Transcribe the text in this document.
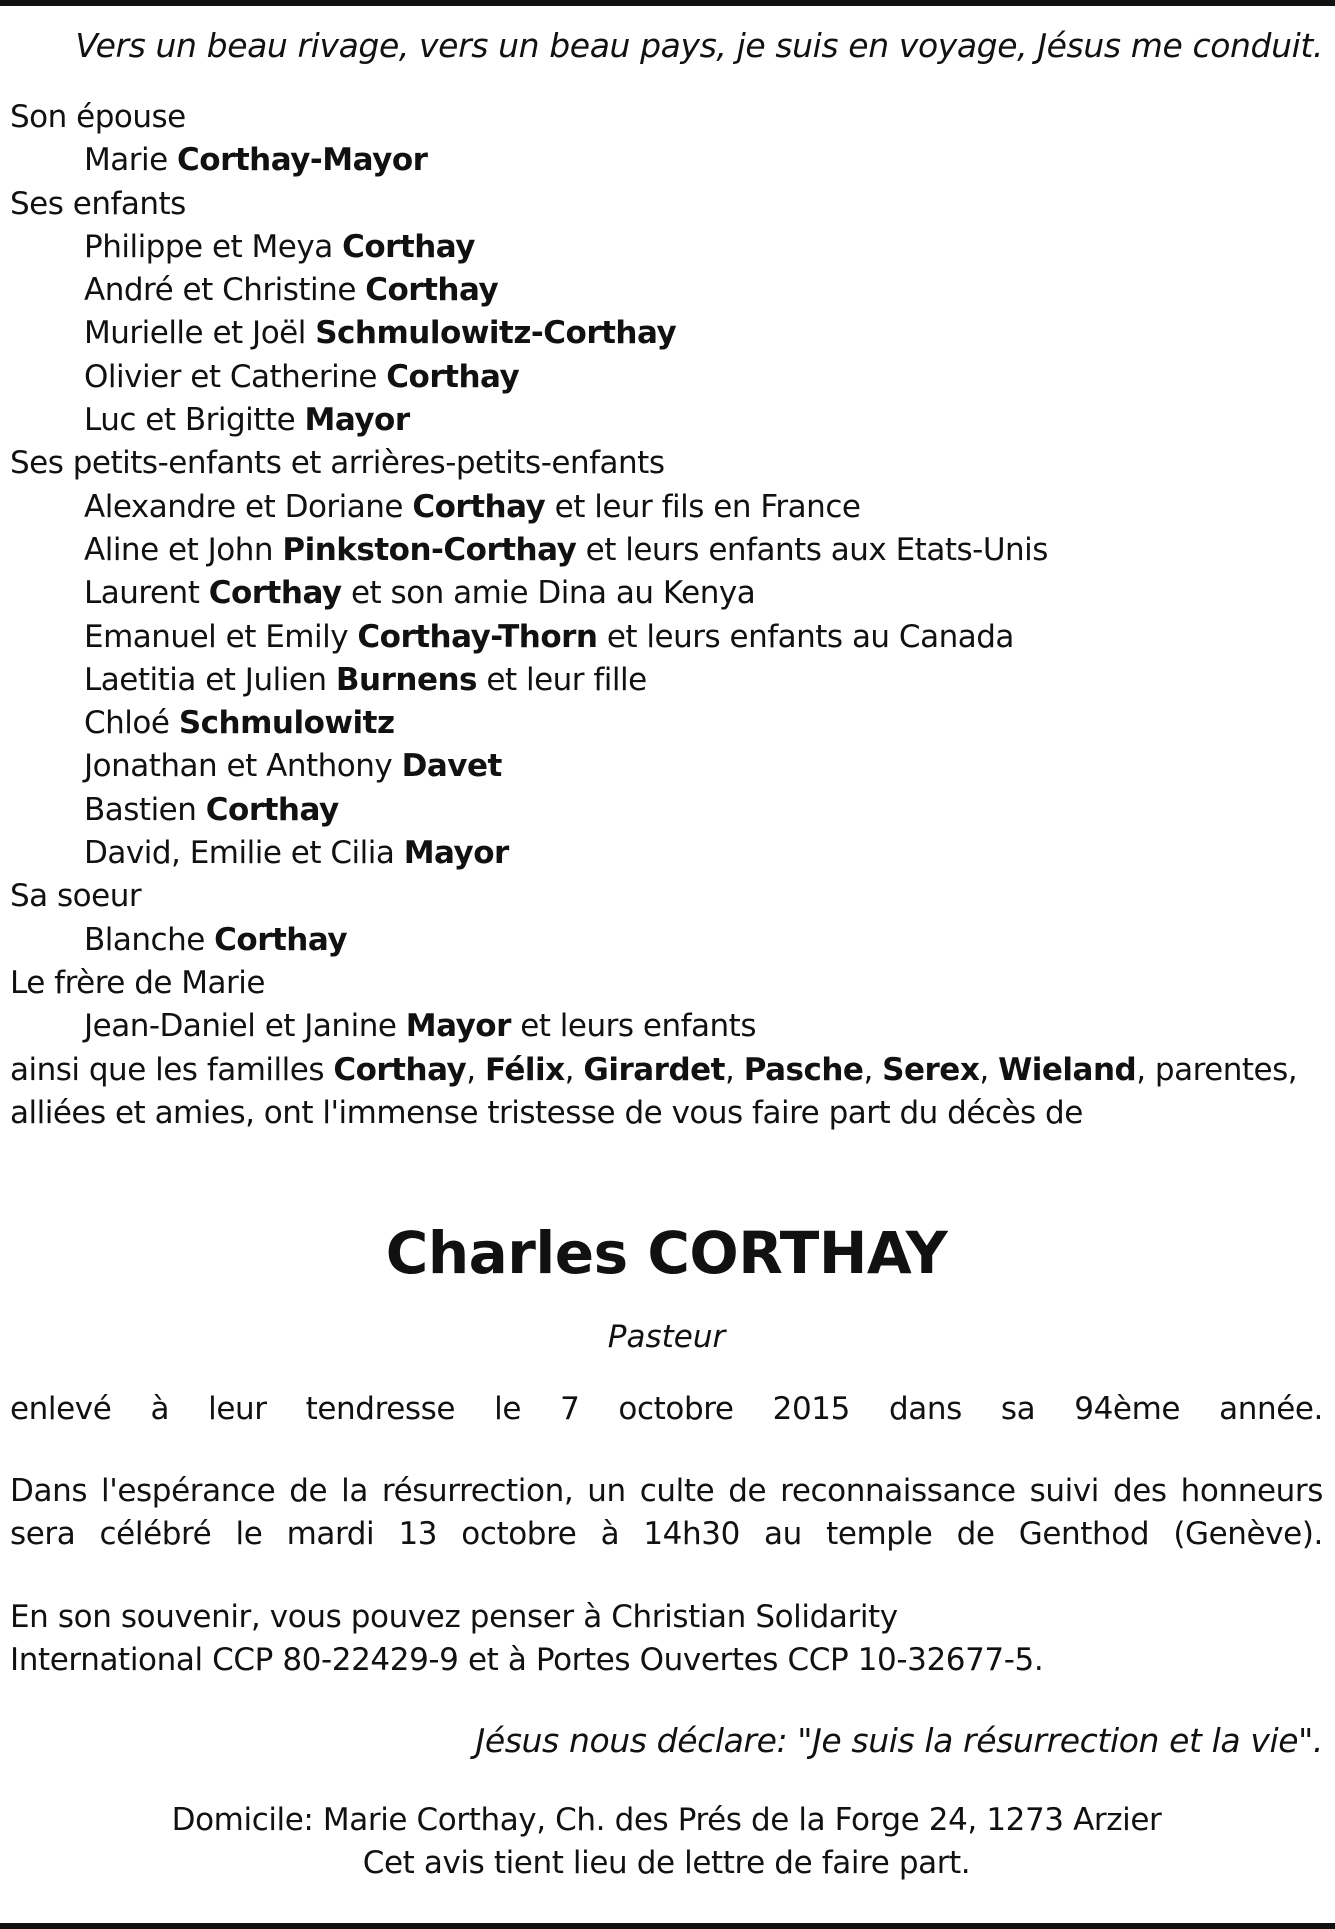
Vers un beau rivage, vers un beau pays, je suis en voyage, Jésus me conduit.
Son épouse
Marie Corthay-Mayor
Ses enfants
Philippe et Meya Corthay
André et Christine Corthay
Murielle et Joël Schmulowitz-Corthay
Olivier et Catherine Corthay
Luc et Brigitte Mayor
Ses petits-enfants et arrières-petits-enfants
Alexandre et Doriane Corthay et leur fils en France
Aline et John Pinkston-Corthay et leurs enfants aux Etats-Unis
Laurent Corthay et son amie Dina au Kenya
Emanuel et Emily Corthay-Thorn et leurs enfants au Canada
Laetitia et Julien Burnens et leur fille
Chloé Schmulowitz
Jonathan et Anthony Davet
Bastien Corthay
David, Emilie et Cilia Mayor
Sa soeur
Blanche Corthay
Le frère de Marie
Jean-Daniel et Janine Mayor et leurs enfants
ainsi que les familles Corthay, Félix, Girardet, Pasche, Serex, Wieland, parentes,
alliées et amies, ont l'immense tristesse de vous faire part du décès de
Charles CORTHAY
Pasteur
enlevé à leur tendresse le 7 octobre 2015 dans sa 94ème année.
Dans l'espérance de la résurrection, un culte de reconnaissance suivi des honneurs
sera célébré le mardi 13 octobre à 14h30 au temple de Genthod (Genève).
En son souvenir, vous pouvez penser à Christian Solidarity
International CCP 80-22429-9 et à Portes Ouvertes CCP 10-32677-5.
Jésus nous déclare: "Je suis la résurrection et la vie".
Domicile: Marie Corthay, Ch. des Prés de la Forge 24, 1273 Arzier
Cet avis tient lieu de lettre de faire part.
